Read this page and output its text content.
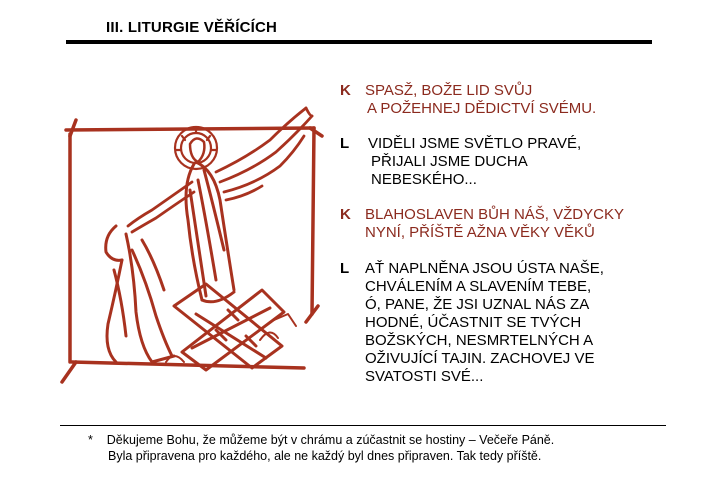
III. LITURGIE VĚŘÍCÍCH
K SPASŽ, BOŽE LID SVŮJ
A POŽEHNEJ DĚDICTVÍ SVÉMU.
L VIDĚLI JSME SVĚTLO PRAVÉ,
PŘIJALI JSME DUCHA
NEBESKÉHO...
K BLAHOSLAVEN BŮH NÁŠ, VŽDYCKY
NYNÍ, PŘÍŠTĚ AŽNA VĚKY VĚKŮ
L AŤ NAPLNĚNA JSOU ÚSTA NAŠE,
CHVÁLENÍM A SLAVENÍM TEBE,
Ó, PANE, ŽE JSI UZNAL NÁS ZA
HODNÉ, ÚČASTNIT SE TVÝCH
BOŽSKÝCH, NESMRTELNÝCH A
OŽIVUJÍCÍ TAJIN. ZACHOVEJ VE
SVATOSTI SVÉ...
* Děkujeme Bohu, že můžeme být v chrámu a zúčastnit se hostiny – Večeře Páně.
Byla připravena pro každého, ale ne každý byl dnes připraven. Tak tedy příště.
